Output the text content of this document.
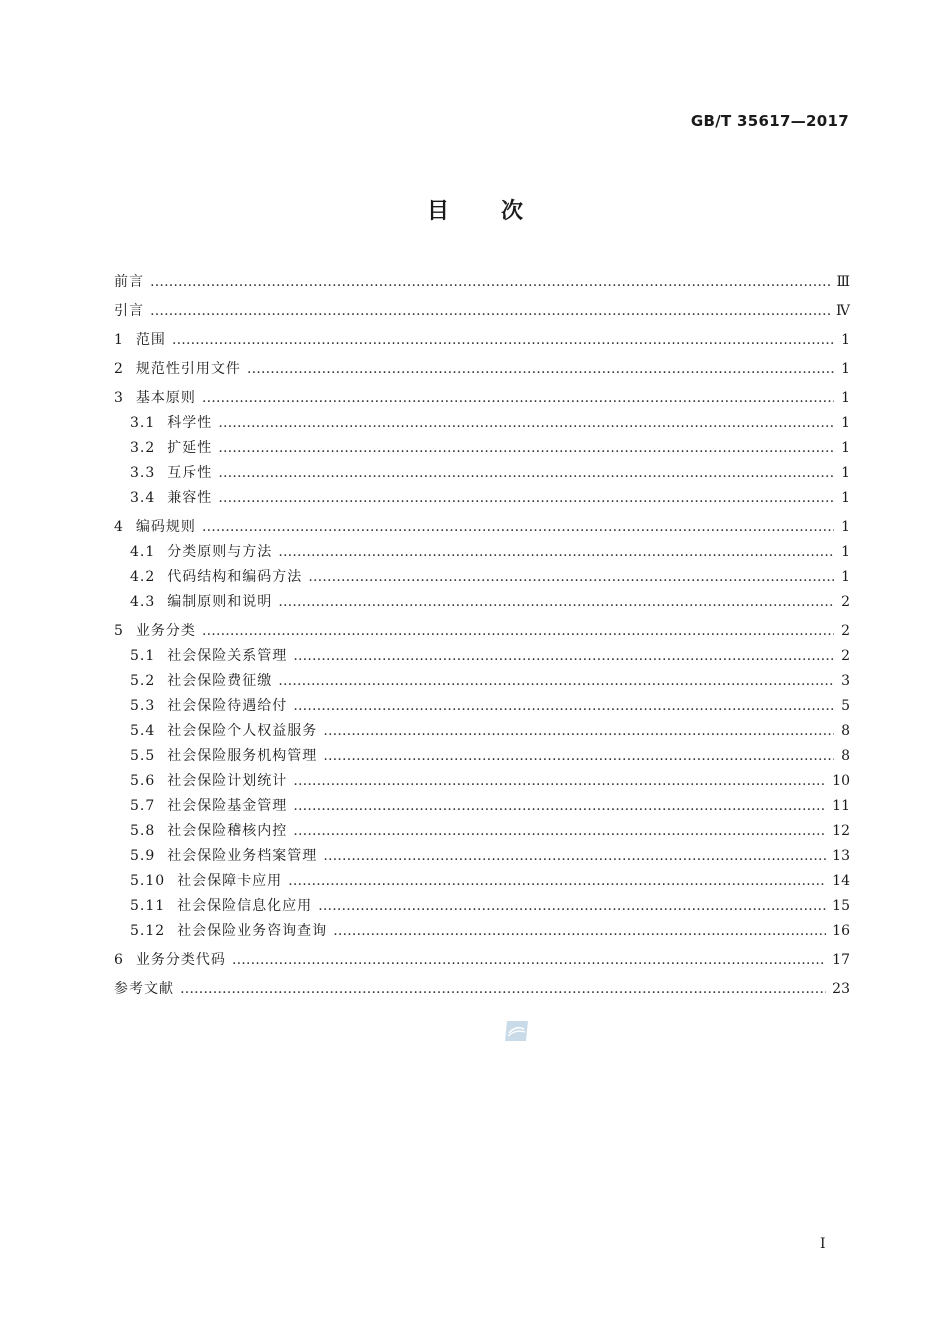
GB/T 35617—2017
目次
前言 ……………………………………………………………………………………………………………………………………………………………………………………	Ⅲ
引言 ……………………………………………………………………………………………………………………………………………………………………………………	Ⅳ
1 范围 ……………………………………………………………………………………………………………………………………………………………………………………	1
2 规范性引用文件 ……………………………………………………………………………………………………………………………………………………………………………………	1
3 基本原则 ……………………………………………………………………………………………………………………………………………………………………………………	1
3.1 科学性 ……………………………………………………………………………………………………………………………………………………………………………………	1
3.2 扩延性 ……………………………………………………………………………………………………………………………………………………………………………………	1
3.3 互斥性 ……………………………………………………………………………………………………………………………………………………………………………………	1
3.4 兼容性 ……………………………………………………………………………………………………………………………………………………………………………………	1
4 编码规则 ……………………………………………………………………………………………………………………………………………………………………………………	1
4.1 分类原则与方法 ……………………………………………………………………………………………………………………………………………………………………………………	1
4.2 代码结构和编码方法 ……………………………………………………………………………………………………………………………………………………………………………………	1
4.3 编制原则和说明 ……………………………………………………………………………………………………………………………………………………………………………………	2
5 业务分类 ……………………………………………………………………………………………………………………………………………………………………………………	2
5.1 社会保险关系管理 ……………………………………………………………………………………………………………………………………………………………………………………	2
5.2 社会保险费征缴 ……………………………………………………………………………………………………………………………………………………………………………………	3
5.3 社会保险待遇给付 ……………………………………………………………………………………………………………………………………………………………………………………	5
5.4 社会保险个人权益服务 ……………………………………………………………………………………………………………………………………………………………………………………	8
5.5 社会保险服务机构管理 ……………………………………………………………………………………………………………………………………………………………………………………	8
5.6 社会保险计划统计 ……………………………………………………………………………………………………………………………………………………………………………………	10
5.7 社会保险基金管理 ……………………………………………………………………………………………………………………………………………………………………………………	11
5.8 社会保险稽核内控 ……………………………………………………………………………………………………………………………………………………………………………………	12
5.9 社会保险业务档案管理 ……………………………………………………………………………………………………………………………………………………………………………………	13
5.10 社会保障卡应用 ……………………………………………………………………………………………………………………………………………………………………………………	14
5.11 社会保险信息化应用 ……………………………………………………………………………………………………………………………………………………………………………………	15
5.12 社会保险业务咨询查询 ……………………………………………………………………………………………………………………………………………………………………………………	16
6 业务分类代码 ……………………………………………………………………………………………………………………………………………………………………………………	17
参考文献 ……………………………………………………………………………………………………………………………………………………………………………………	23
Ⅰ
